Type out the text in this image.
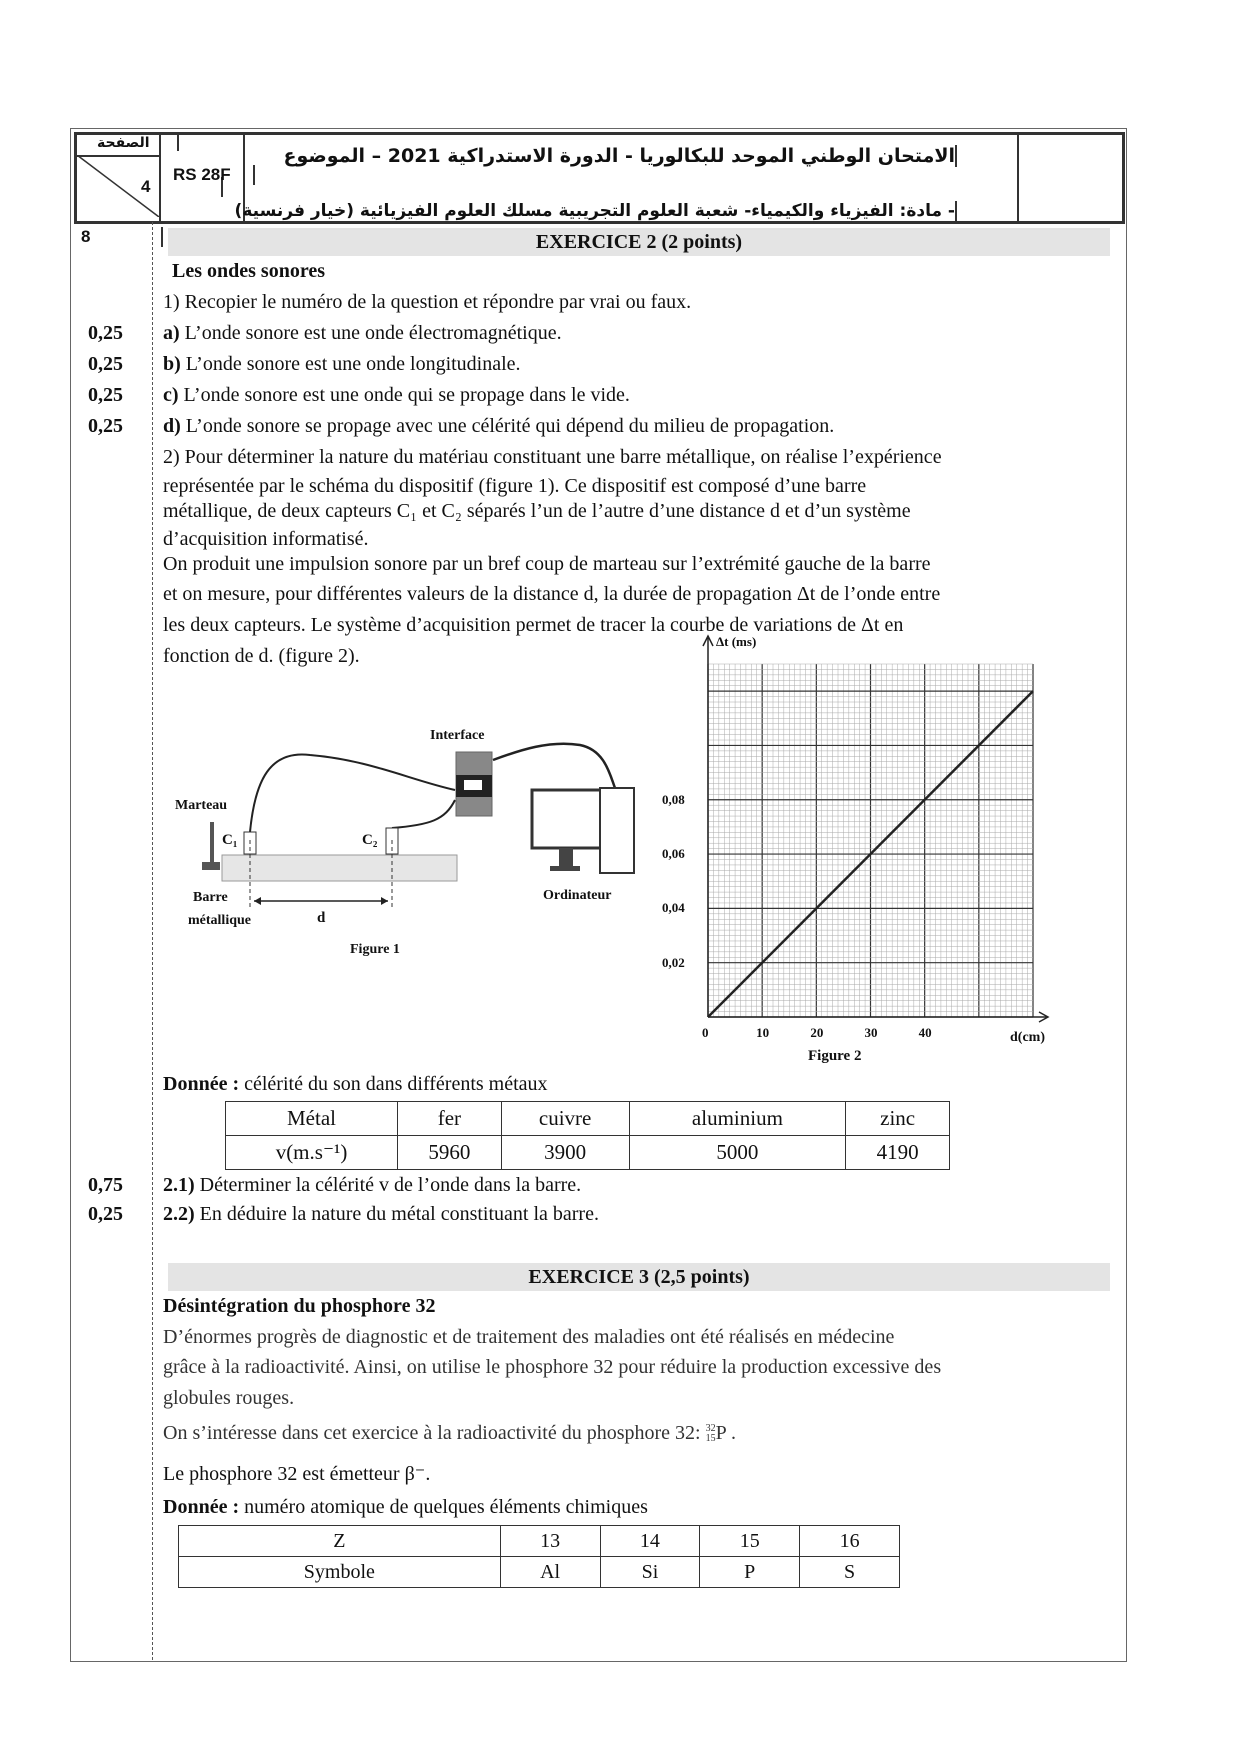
الصفحة
4
8
RS 28F
الامتحان الوطني الموحد للبكالوريا - الدورة الاستدراكية 2021 – الموضوع
- مادة: الفيزياء والكيمياء- شعبة العلوم التجريبية مسلك العلوم الفيزيائية (خيار فرنسية)
EXERCICE 2 (2 points)
Les ondes sonores
1) Recopier le numéro de la question et répondre par vrai ou faux.
0,25 a) L’onde sonore est une onde électromagnétique.
0,25 b) L’onde sonore est une onde longitudinale.
0,25 c) L’onde sonore est une onde qui se propage dans le vide.
0,25 d) L’onde sonore se propage avec une célérité qui dépend du milieu de propagation.
2) Pour déterminer la nature du matériau constituant une barre métallique, on réalise l’expérience
représentée par le schéma du dispositif (figure 1). Ce dispositif est composé d’une barre
métallique, de deux capteurs C₁ et C₂ séparés l’un de l’autre d’une distance d et d’un système
d’acquisition informatisé.
On produit une impulsion sonore par un bref coup de marteau sur l’extrémité gauche de la barre
et on mesure, pour différentes valeurs de la distance d, la durée de propagation Δt de l’onde entre
les deux capteurs. Le système d’acquisition permet de tracer la courbe de variations de Δt en
fonction de d. (figure 2).
Interface
Marteau
C₁	C₂
Barre
métallique	d
Ordinateur
Figure 1
Δt (ms)
d(cm)
Figure 2
0	10	20	30	40
0,02
0,04
0,06
0,08
Donnée : célérité du son dans différents métaux
Métal	fer	cuivre	aluminium	zinc
v(m.s⁻¹)	5960	3900	5000	4190
0,75 2.1) Déterminer la célérité v de l’onde dans la barre.
0,25 2.2) En déduire la nature du métal constituant la barre.
EXERCICE 3 (2,5 points)
Désintégration du phosphore 32
D’énormes progrès de diagnostic et de traitement des maladies ont été réalisés en médecine
grâce à la radioactivité. Ainsi, on utilise le phosphore 32 pour réduire la production excessive des
globules rouges.
On s’intéresse dans cet exercice à la radioactivité du phosphore 32: 32
15P .
Le phosphore 32 est émetteur β⁻.
Donnée : numéro atomique de quelques éléments chimiques
Z	13	14	15	16
Symbole	Al	Si	P	S
